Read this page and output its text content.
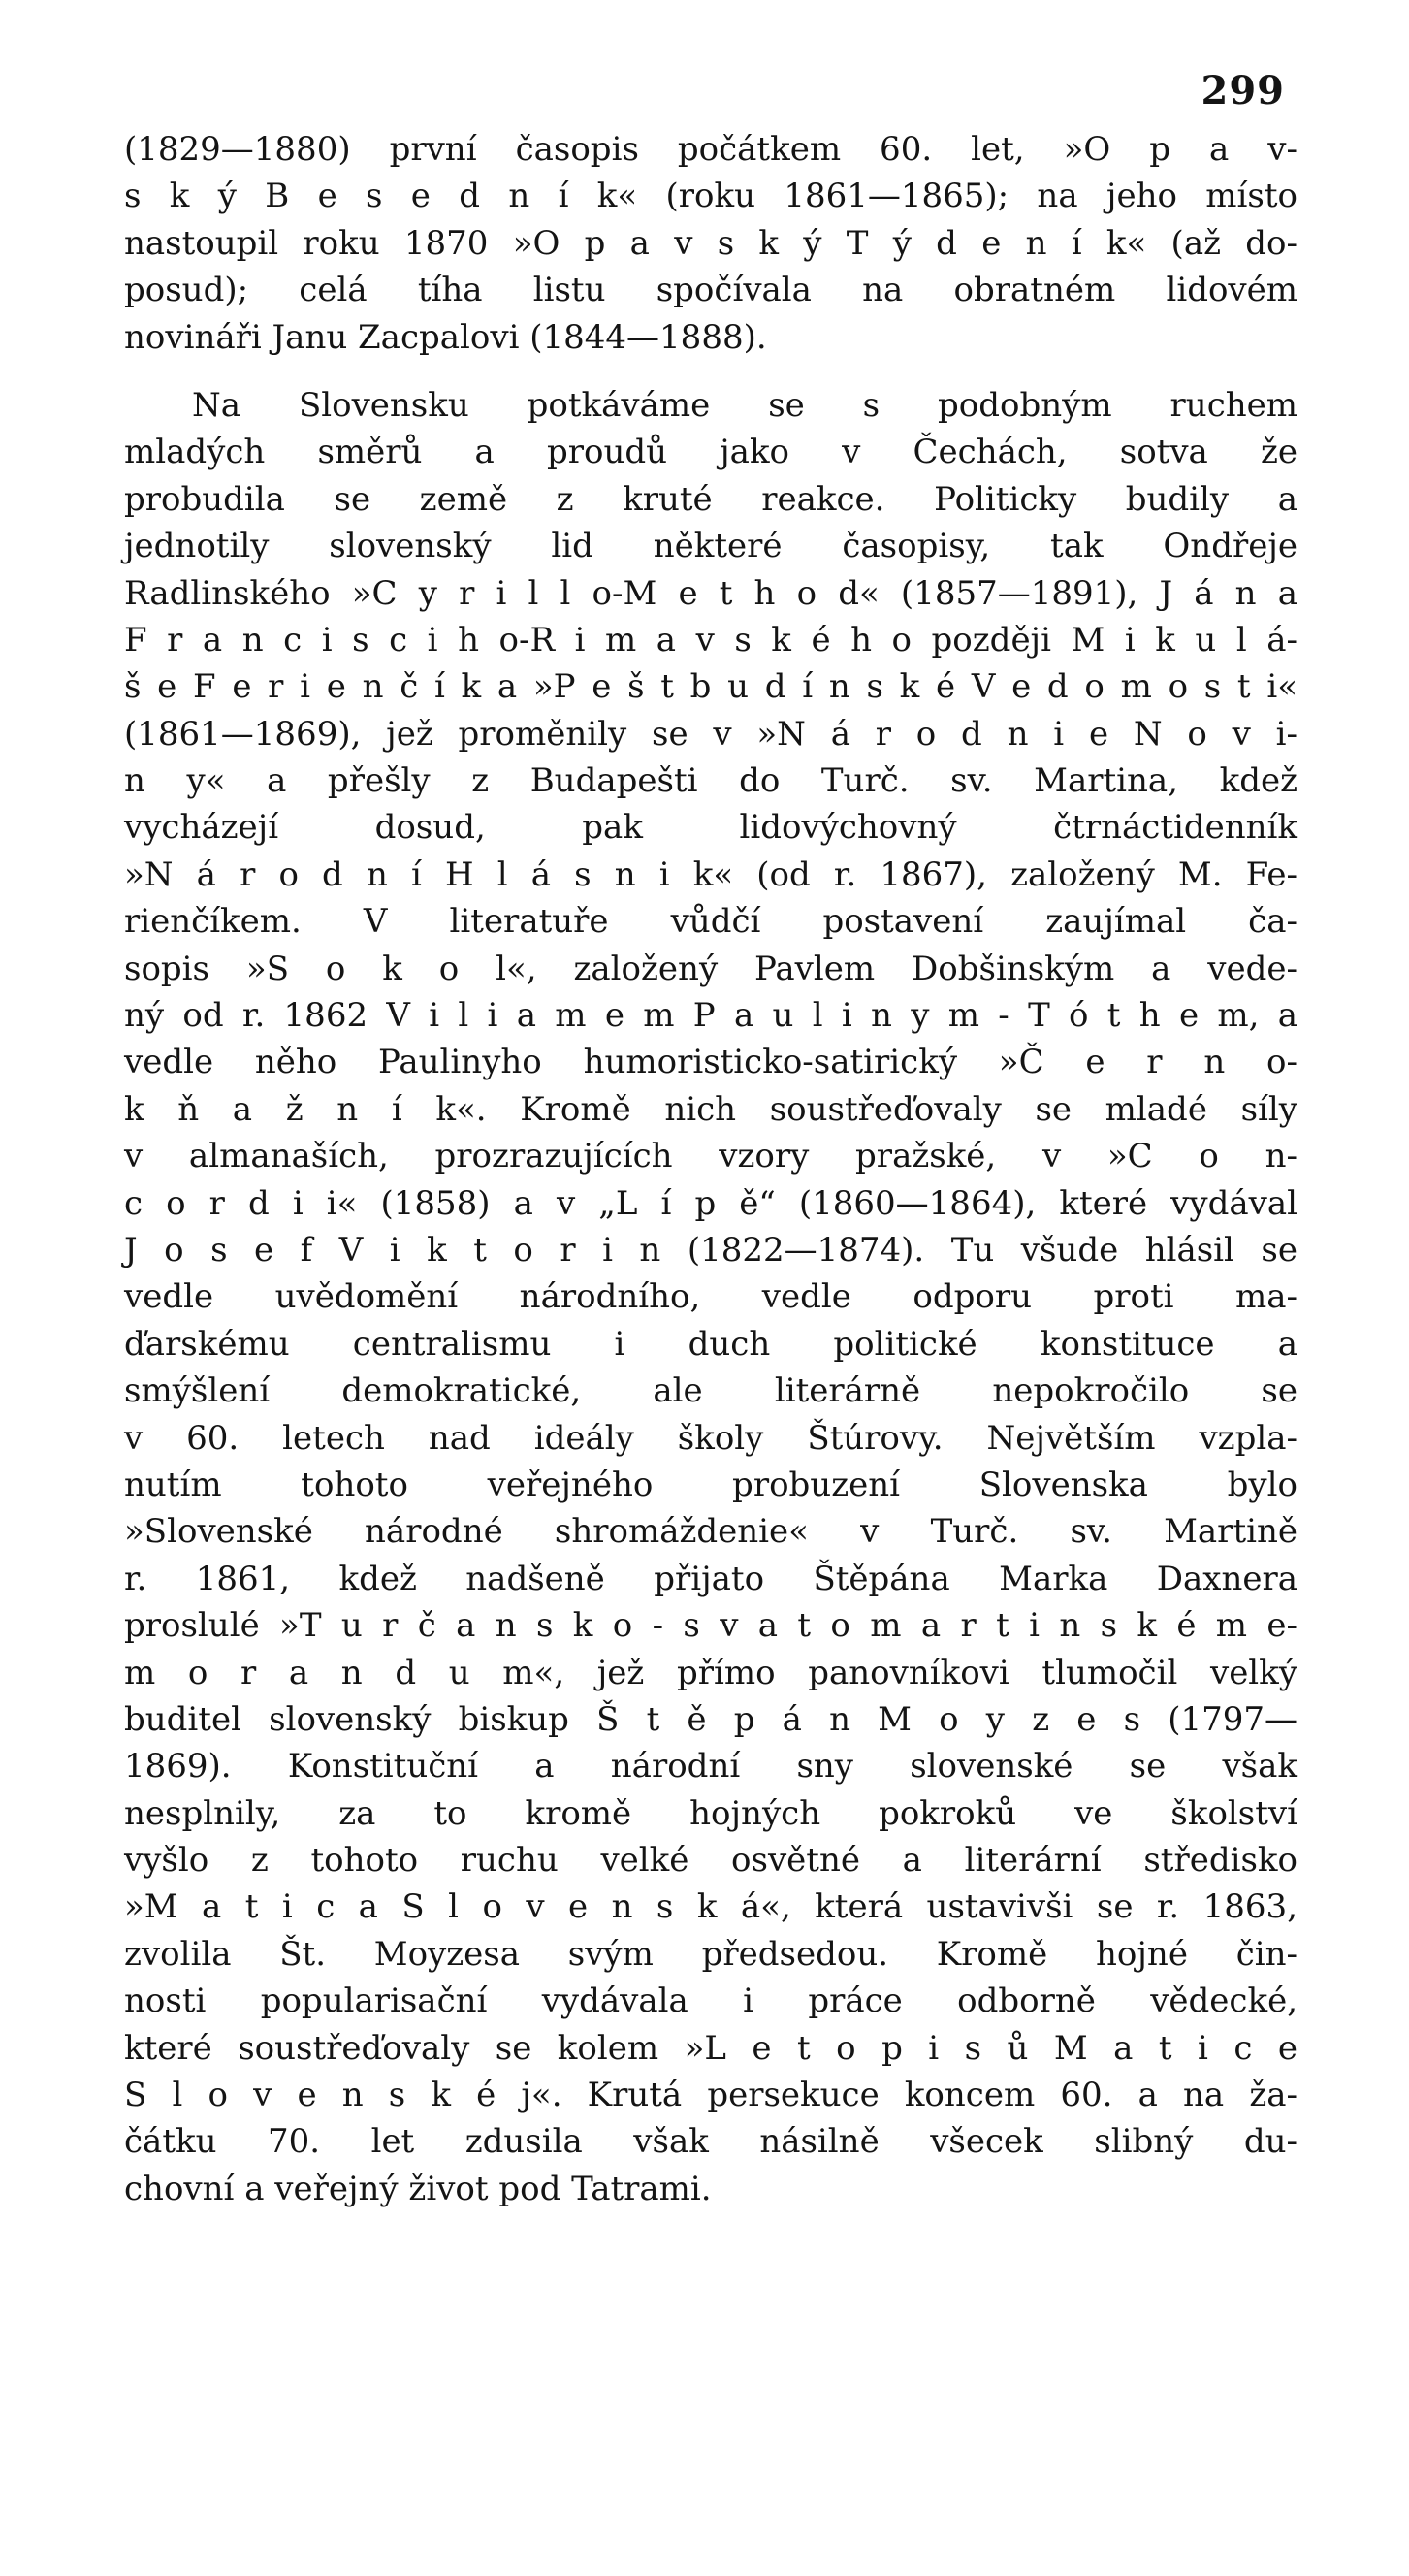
299
(1829—1880) první časopis počátkem 60. let, »O p a v-
s k ý B e s e d n í k« (roku 1861—1865); na jeho místo
nastoupil roku 1870 »O p a v s k ý T ý d e n í k« (až do-
posud); celá tíha listu spočívala na obratném lidovém
novináři Janu Zacpalovi (1844—1888).
Na Slovensku potkáváme se s podobným ruchem
mladých směrů a proudů jako v Čechách, sotva že
probudila se země z kruté reakce. Politicky budily a
jednotily slovenský lid některé časopisy, tak Ondřeje
Radlinského »C y r i l l o-M e t h o d« (1857—1891), J á n a
F r a n c i s c i h o-R i m a v s k é h o později M i k u l á-
š e F e r i e n č í k a »P e š t b u d í n s k é V e d o m o s t i«
(1861—1869), jež proměnily se v »N á r o d n i e N o v i-
n y« a přešly z Budapešti do Turč. sv. Martina, kdež
vycházejí dosud, pak lidovýchovný čtrnáctidenník
»N á r o d n í H l á s n i k« (od r. 1867), založený M. Fe-
rienčíkem. V literatuře vůdčí postavení zaujímal ča-
sopis »S o k o l«, založený Pavlem Dobšinským a vede-
ný od r. 1862 V i l i a m e m P a u l i n y m - T ó t h e m, a
vedle něho Paulinyho humoristicko-satirický »Č e r n o-
k ň a ž n í k«. Kromě nich soustřeďovaly se mladé síly
v almanaších, prozrazujících vzory pražské, v »C o n-
c o r d i i« (1858) a v „L í p ě“ (1860—1864), které vydával
J o s e f V i k t o r i n (1822—1874). Tu všude hlásil se
vedle uvědomění národního, vedle odporu proti ma-
ďarskému centralismu i duch politické konstituce a
smýšlení demokratické, ale literárně nepokročilo se
v 60. letech nad ideály školy Štúrovy. Největším vzpla-
nutím tohoto veřejného probuzení Slovenska bylo
»Slovenské národné shromáždenie« v Turč. sv. Martině
r. 1861, kdež nadšeně přijato Štěpána Marka Daxnera
proslulé »T u r č a n s k o - s v a t o m a r t i n s k é m e-
m o r a n d u m«, jež přímo panovníkovi tlumočil velký
buditel slovenský biskup Š t ě p á n M o y z e s (1797—
1869). Konstituční a národní sny slovenské se však
nesplnily, za to kromě hojných pokroků ve školství
vyšlo z tohoto ruchu velké osvětné a literární středisko
»M a t i c a S l o v e n s k á«, která ustavivši se r. 1863,
zvolila Št. Moyzesa svým předsedou. Kromě hojné čin-
nosti popularisační vydávala i práce odborně vědecké,
které soustřeďovaly se kolem »L e t o p i s ů M a t i c e
S l o v e n s k é j«. Krutá persekuce koncem 60. a na ža-
čátku 70. let zdusila však násilně všecek slibný du-
chovní a veřejný život pod Tatrami.
